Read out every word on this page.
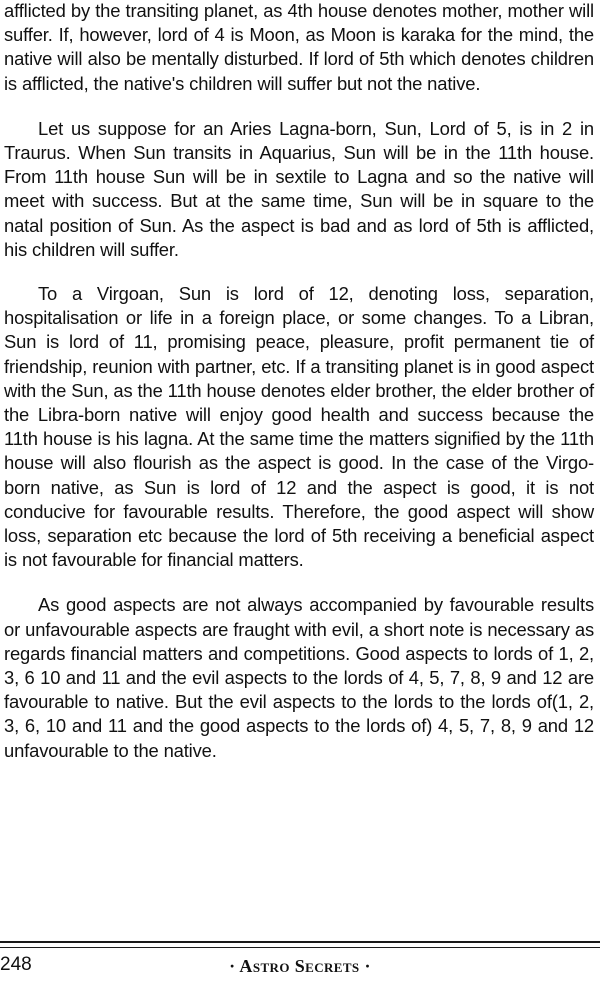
afflicted by the transiting planet, as 4th house denotes mother, mother will suffer. If, however, lord of 4 is Moon, as Moon is karaka for the mind, the native will also be mentally disturbed. If lord of 5th which denotes children is afflicted, the native's children will suffer but not the native.

Let us suppose for an Aries Lagna-born, Sun, Lord of 5, is in 2 in Traurus. When Sun transits in Aquarius, Sun will be in the 11th house. From 11th house Sun will be in sextile to Lagna and so the native will meet with success. But at the same time, Sun will be in square to the natal position of Sun. As the aspect is bad and as lord of 5th is afflicted, his children will suffer.

To a Virgoan, Sun is lord of 12, denoting loss, separation, hospitalisation or life in a foreign place, or some changes. To a Libran, Sun is lord of 11, promising peace, pleasure, profit permanent tie of friendship, reunion with partner, etc. If a transiting planet is in good aspect with the Sun, as the 11th house denotes elder brother, the elder brother of the Libra-born native will enjoy good health and success because the 11th house is his lagna. At the same time the matters signified by the 11th house will also flourish as the aspect is good. In the case of the Virgo-born native, as Sun is lord of 12 and the aspect is good, it is not conducive for favourable results. Therefore, the good aspect will show loss, separation etc because the lord of 5th receiving a beneficial aspect is not favourable for financial matters.

As good aspects are not always accompanied by favourable results or unfavourable aspects are fraught with evil, a short note is necessary as regards financial matters and competitions. Good aspects to lords of 1, 2, 3, 6 10 and 11 and the evil aspects to the lords of 4, 5, 7, 8, 9 and 12 are favourable to native. But the evil aspects to the lords to the lords of(1, 2, 3, 6, 10 and 11 and the good aspects to the lords of) 4, 5, 7, 8, 9 and 12 unfavourable to the native.

248	· Astro Secrets ·
